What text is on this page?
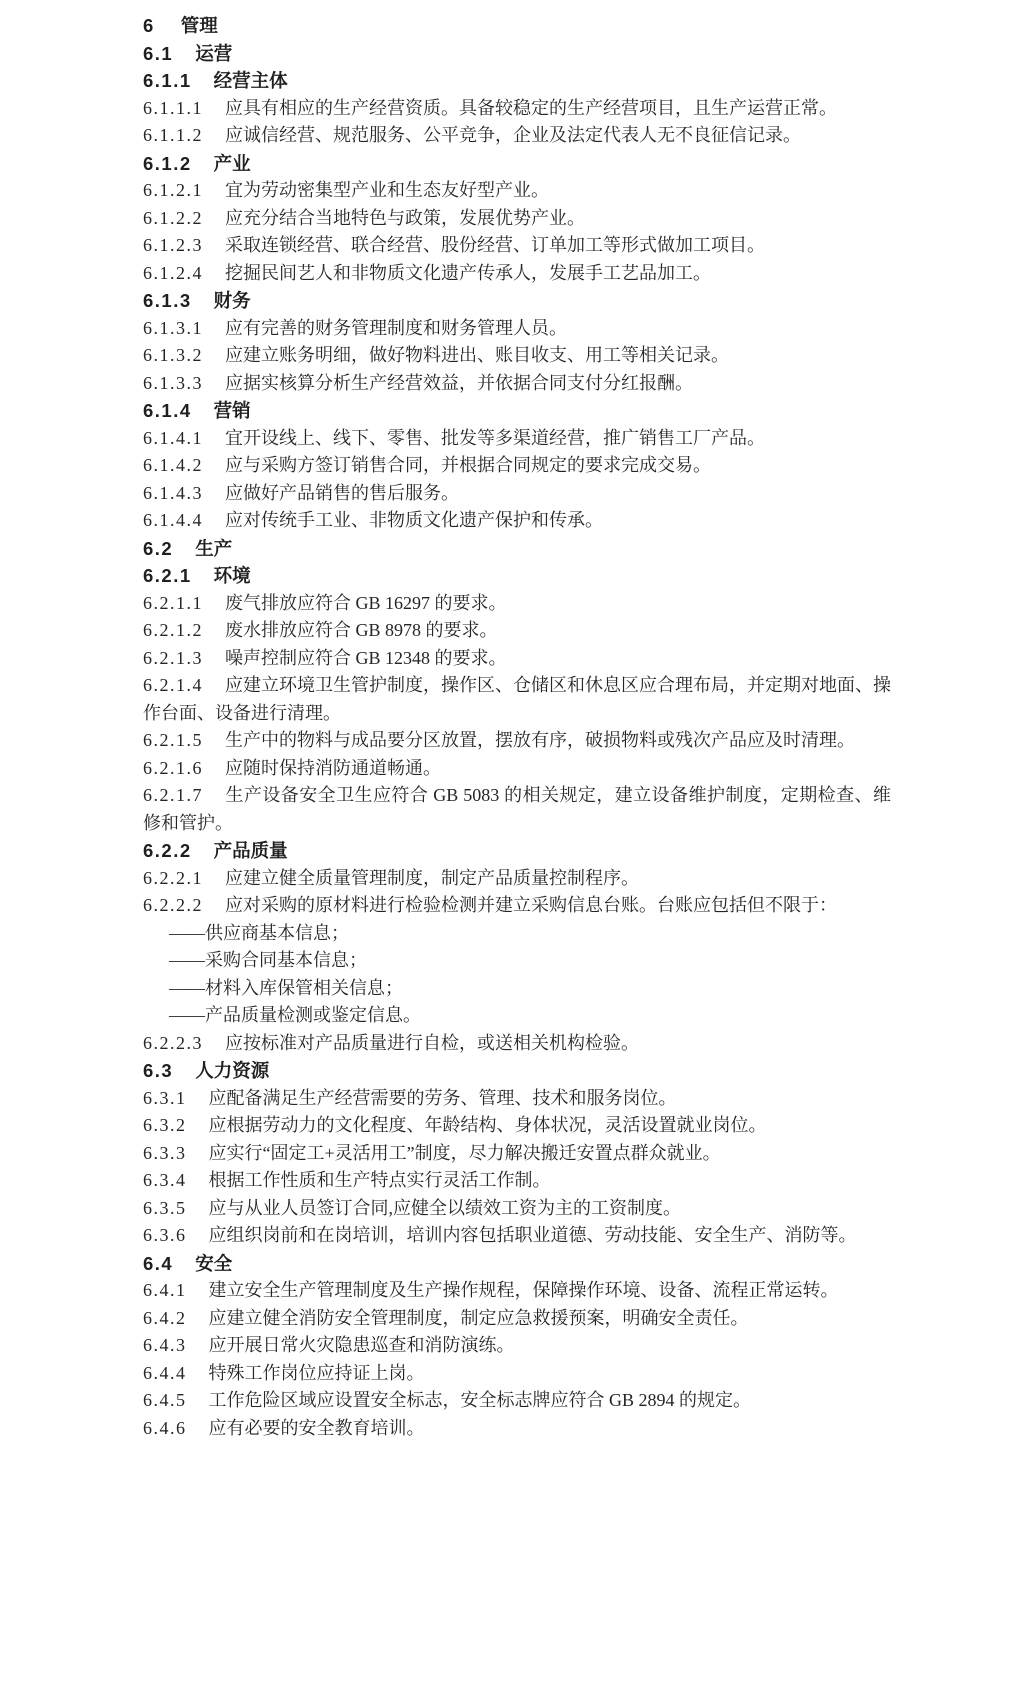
6 管理

6.1 运营

6.1.1 经营主体

6.1.1.1 应具有相应的生产经营资质。具备较稳定的生产经营项目，且生产运营正常。

6.1.1.2 应诚信经营、规范服务、公平竞争，企业及法定代表人无不良征信记录。

6.1.2 产业

6.1.2.1 宜为劳动密集型产业和生态友好型产业。

6.1.2.2 应充分结合当地特色与政策，发展优势产业。

6.1.2.3 采取连锁经营、联合经营、股份经营、订单加工等形式做加工项目。

6.1.2.4 挖掘民间艺人和非物质文化遗产传承人，发展手工艺品加工。

6.1.3 财务

6.1.3.1 应有完善的财务管理制度和财务管理人员。

6.1.3.2 应建立账务明细，做好物料进出、账目收支、用工等相关记录。

6.1.3.3 应据实核算分析生产经营效益，并依据合同支付分红报酬。

6.1.4 营销

6.1.4.1 宜开设线上、线下、零售、批发等多渠道经营，推广销售工厂产品。

6.1.4.2 应与采购方签订销售合同，并根据合同规定的要求完成交易。

6.1.4.3 应做好产品销售的售后服务。

6.1.4.4 应对传统手工业、非物质文化遗产保护和传承。

6.2 生产

6.2.1 环境

6.2.1.1 废气排放应符合 GB 16297 的要求。

6.2.1.2 废水排放应符合 GB 8978 的要求。

6.2.1.3 噪声控制应符合 GB 12348 的要求。

6.2.1.4 应建立环境卫生管护制度，操作区、仓储区和休息区应合理布局，并定期对地面、操作台面、设备进行清理。

6.2.1.5 生产中的物料与成品要分区放置，摆放有序，破损物料或残次产品应及时清理。

6.2.1.6 应随时保持消防通道畅通。

6.2.1.7 生产设备安全卫生应符合 GB 5083 的相关规定，建立设备维护制度，定期检查、维修和管护。

6.2.2 产品质量

6.2.2.1 应建立健全质量管理制度，制定产品质量控制程序。

6.2.2.2 应对采购的原材料进行检验检测并建立采购信息台账。台账应包括但不限于：

——供应商基本信息；

——采购合同基本信息；

——材料入库保管相关信息；

——产品质量检测或鉴定信息。

6.2.2.3 应按标准对产品质量进行自检，或送相关机构检验。

6.3 人力资源

6.3.1 应配备满足生产经营需要的劳务、管理、技术和服务岗位。

6.3.2 应根据劳动力的文化程度、年龄结构、身体状况，灵活设置就业岗位。

6.3.3 应实行“固定工+灵活用工”制度，尽力解决搬迁安置点群众就业。

6.3.4 根据工作性质和生产特点实行灵活工作制。

6.3.5 应与从业人员签订合同,应健全以绩效工资为主的工资制度。

6.3.6 应组织岗前和在岗培训，培训内容包括职业道德、劳动技能、安全生产、消防等。

6.4 安全

6.4.1 建立安全生产管理制度及生产操作规程，保障操作环境、设备、流程正常运转。

6.4.2 应建立健全消防安全管理制度，制定应急救援预案，明确安全责任。

6.4.3 应开展日常火灾隐患巡查和消防演练。

6.4.4 特殊工作岗位应持证上岗。

6.4.5 工作危险区域应设置安全标志，安全标志牌应符合 GB 2894 的规定。

6.4.6 应有必要的安全教育培训。
